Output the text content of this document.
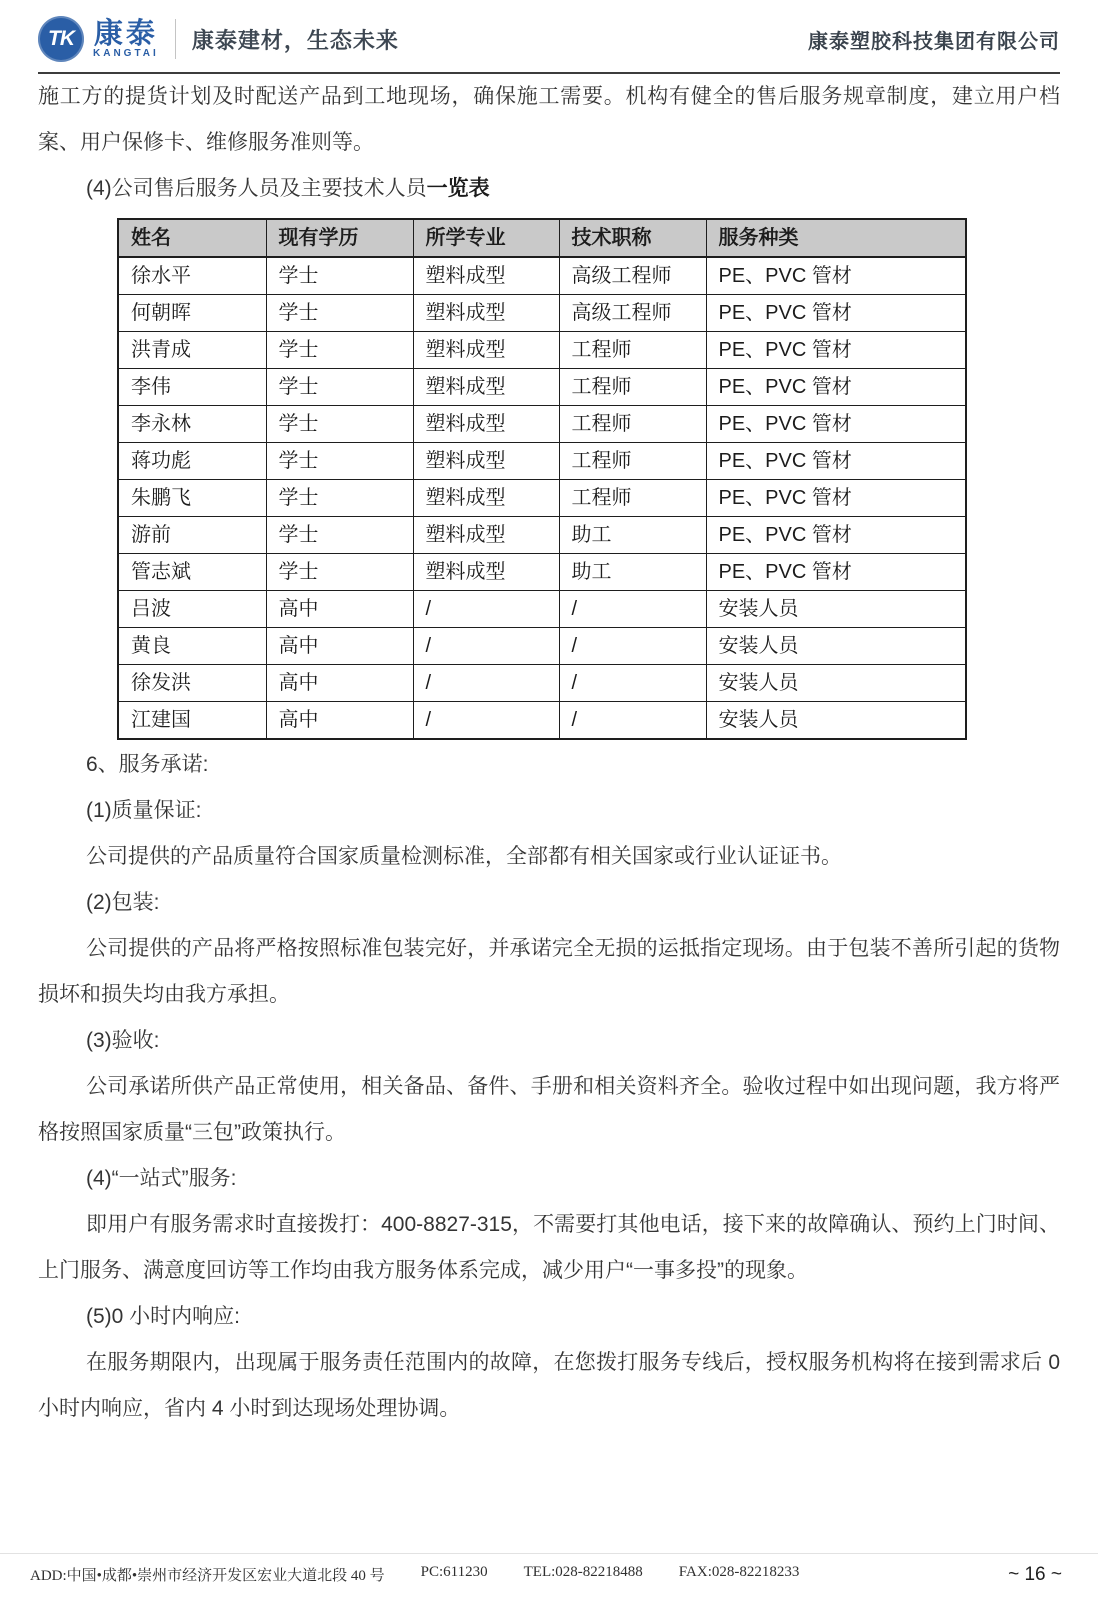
TK 康泰
KANGTAI
康泰建材，生态未来	康泰塑胶科技集团有限公司

施工方的提货计划及时配送产品到工地现场，确保施工需要。机构有健全的售后服务规章制度，建立用户档案、用户保修卡、维修服务准则等。

(4)公司售后服务人员及主要技术人员一览表

姓名	现有学历	所学专业	技术职称	服务种类
徐水平	学士	塑料成型	高级工程师	PE、PVC 管材
何朝晖	学士	塑料成型	高级工程师	PE、PVC 管材
洪青成	学士	塑料成型	工程师	PE、PVC 管材
李伟	学士	塑料成型	工程师	PE、PVC 管材
李永林	学士	塑料成型	工程师	PE、PVC 管材
蒋功彪	学士	塑料成型	工程师	PE、PVC 管材
朱鹏飞	学士	塑料成型	工程师	PE、PVC 管材
游前	学士	塑料成型	助工	PE、PVC 管材
管志斌	学士	塑料成型	助工	PE、PVC 管材
吕波	高中	/	/	安装人员
黄良	高中	/	/	安装人员
徐发洪	高中	/	/	安装人员
江建国	高中	/	/	安装人员

6、服务承诺:

(1)质量保证:

公司提供的产品质量符合国家质量检测标准，全部都有相关国家或行业认证证书。

(2)包装:

公司提供的产品将严格按照标准包装完好，并承诺完全无损的运抵指定现场。由于包装不善所引起的货物损坏和损失均由我方承担。

(3)验收:

公司承诺所供产品正常使用，相关备品、备件、手册和相关资料齐全。验收过程中如出现问题，我方将严格按照国家质量“三包”政策执行。

(4)“一站式”服务:

即用户有服务需求时直接拨打：400-8827-315，不需要打其他电话，接下来的故障确认、预约上门时间、上门服务、满意度回访等工作均由我方服务体系完成，减少用户“一事多投”的现象。

(5)0 小时内响应:

在服务期限内，出现属于服务责任范围内的故障，在您拨打服务专线后，授权服务机构将在接到需求后 0 小时内响应，省内 4 小时到达现场处理协调。

ADD:中国•成都•崇州市经济开发区宏业大道北段 40 号 PC:611230 TEL:028-82218488 FAX:028-82218233	~ 16 ~
